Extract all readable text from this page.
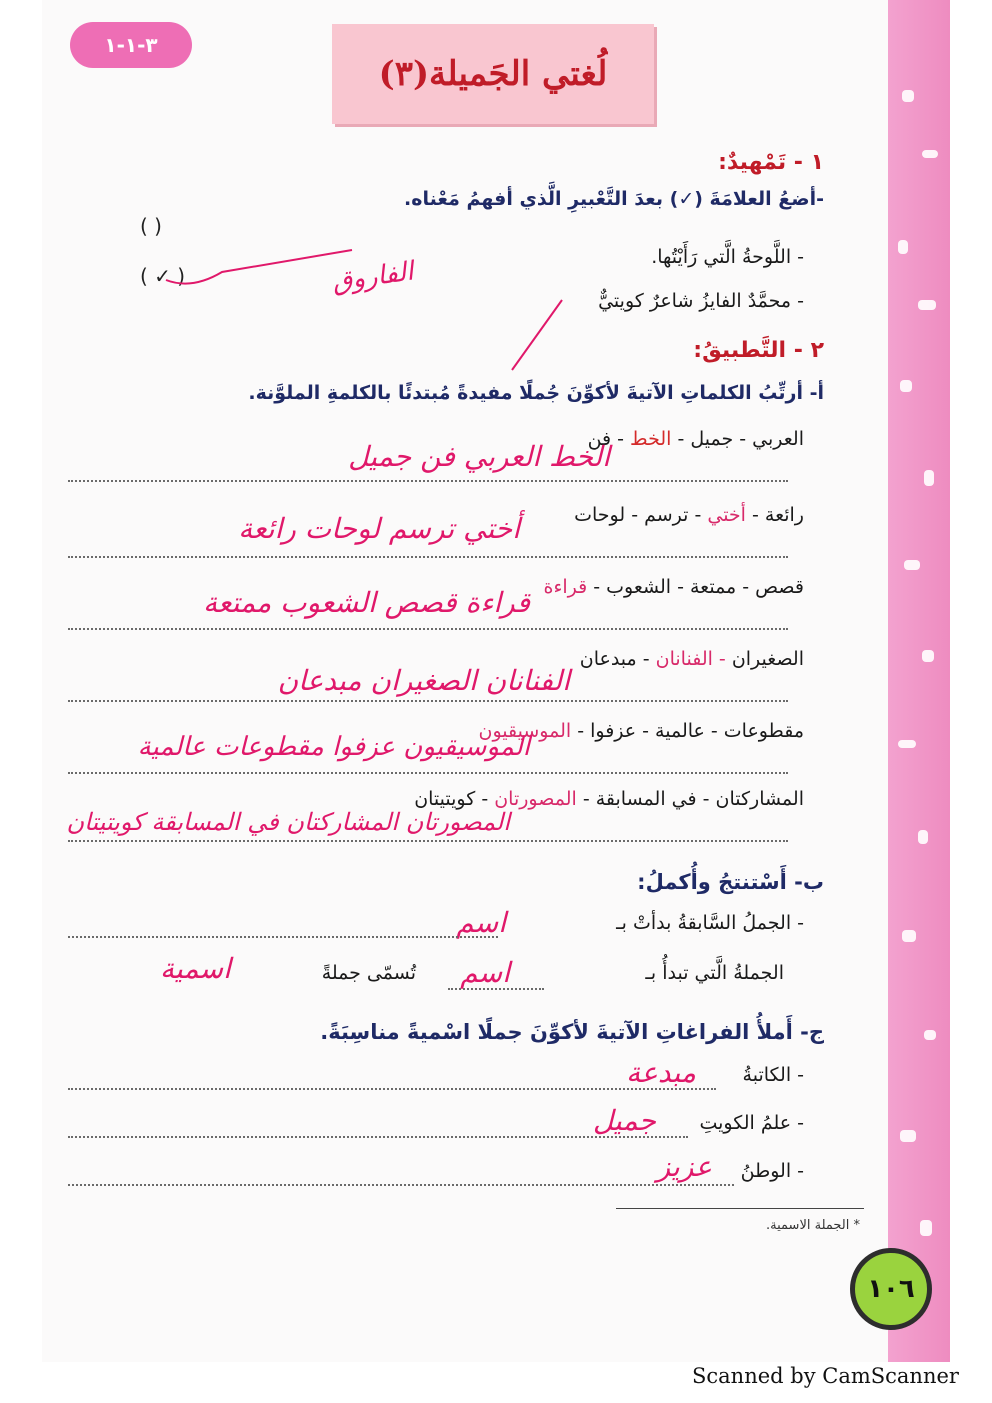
٣-١-١
لُغتي الجَميلة(٣)
١ - تَمْهيدٌ:
-أضعُ العلامَةَ (✓) بعدَ التَّعْبيرِ الَّذي أفهمُ مَعْناه.
- اللَّوحةُ الَّتي رَأَيْتُها.
( )
- محمَّدٌ الفايزُ شاعرٌ كويتيٌّ
( ✓ )	الفاروق
٢ - التَّطبيقُ:
أ- أرتِّبُ الكلماتِ الآتيةَ لأكوِّنَ جُملًا مفيدةً مُبتدئًا بالكلمةِ الملوَّنة.
العربي - جميل - الخط - فن
الخط العربي فن جميل
رائعة - أختي - ترسم - لوحات
أختي ترسم لوحات رائعة
قصص - ممتعة - الشعوب - قراءة
قراءة قصص الشعوب ممتعة
الصغيران - الفنانان - مبدعان
الفنانان الصغيران مبدعان
مقطوعات - عالمية - عزفوا - الموسيقيون
الموسيقيون عزفوا مقطوعات عالمية
المشاركتان - في المسابقة - المصورتان - كويتيتان
المصورتان المشاركتان في المسابقة كويتيتان
ب- أَسْتنتجُ وأُكملُ:
- الجملُ السَّابقةُ بدأتْ بـ
اسم
الجملةُ الَّتي تبدأُ بـ
اسم
تُسمّى جملةً
اسمية
ج- أَملأُ الفراغاتِ الآتيةَ لأكوِّنَ جملًا اسْميةً مناسِبَةً.
- الكاتبةُ
مبدعة
- علمُ الكويتِ
جميل
- الوطنُ
عزيز
* الجملة الاسمية.
١٠٦
Scanned by CamScanner
